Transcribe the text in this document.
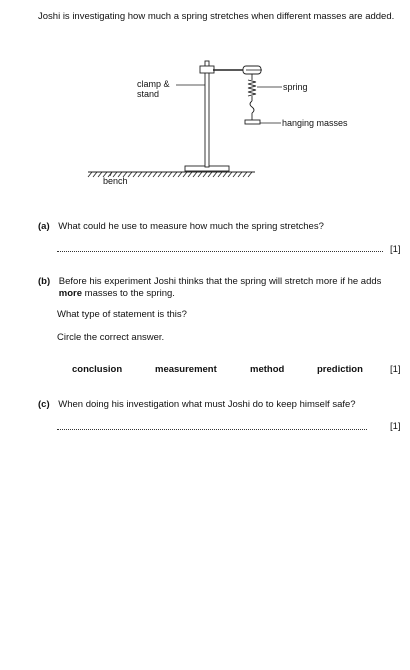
Joshi is investigating how much a spring stretches when different masses are added.
clamp &
stand
spring
hanging masses
bench
(a) What could he use to measure how much the spring stretches?
[1]
(b) Before his experiment Joshi thinks that the spring will stretch more if he adds more masses to the spring.
What type of statement is this?
Circle the correct answer.
conclusion	measurement	method	prediction	[1]
(c) When doing his investigation what must Joshi do to keep himself safe?
[1]
